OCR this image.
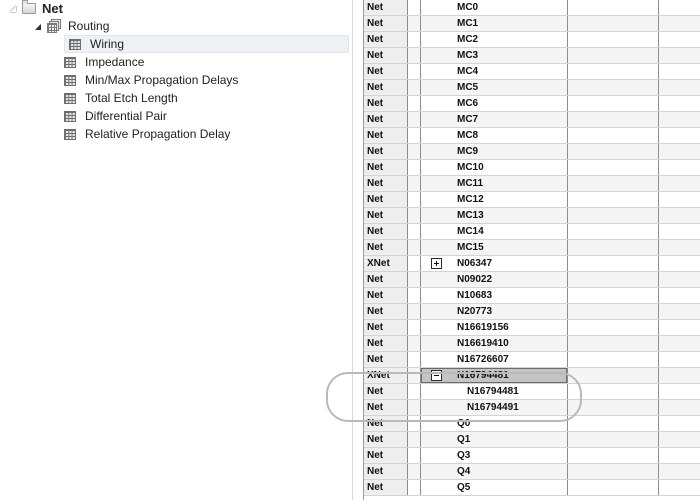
◢ Net
◢ Routing
Wiring
Impedance
Min/Max Propagation Delays
Total Etch Length
Differential Pair
Relative Propagation Delay
Net	MC0
Net	MC1
Net	MC2
Net	MC3
Net	MC4
Net	MC5
Net	MC6
Net	MC7
Net	MC8
Net	MC9
Net	MC10
Net	MC11
Net	MC12
Net	MC13
Net	MC14
Net	MC15
XNet	N06347
Net	N09022
Net	N10683
Net	N20773
Net	N16619156
Net	N16619410
Net	N16726607
XNet	N16794481
Net	N16794481
Net	N16794491
Net	Q0
Net	Q1
Net	Q3
Net	Q4
Net	Q5
